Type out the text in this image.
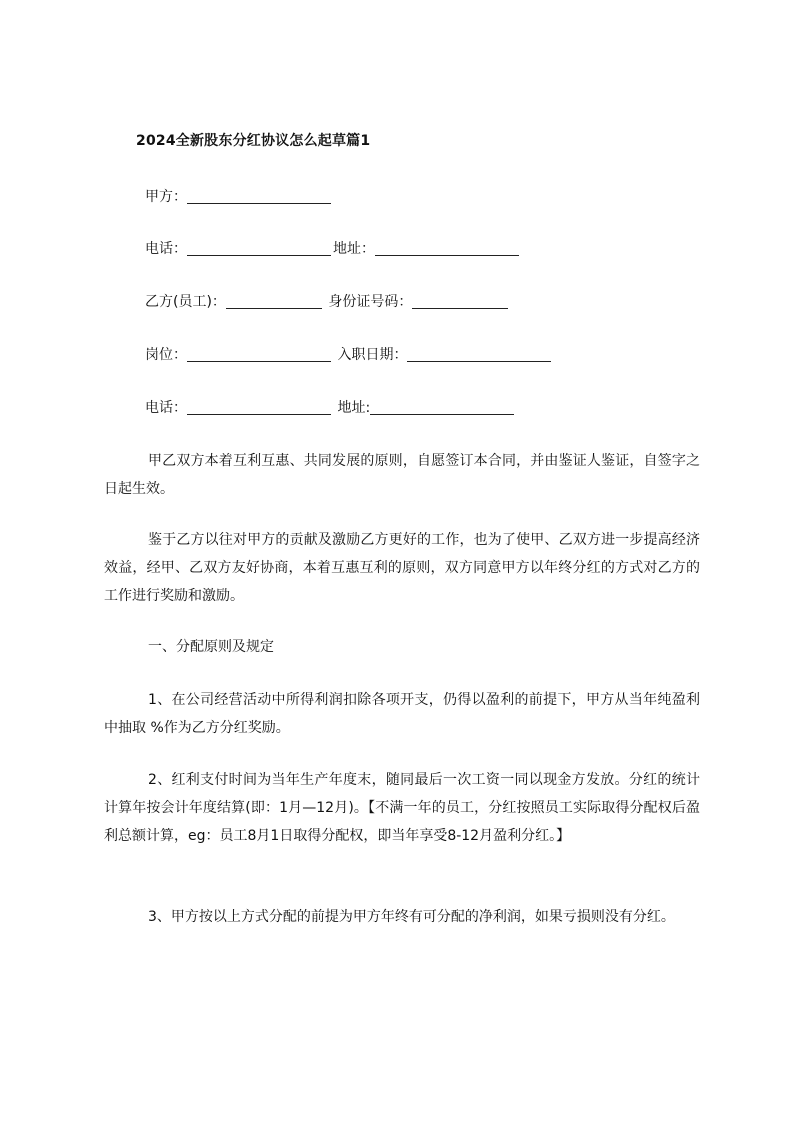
2024全新股东分红协议怎么起草篇1
甲方：
电话：	地址：
乙方(员工)：	身份证号码：
岗位：	入职日期：
电话：	地址:
甲乙双方本着互利互惠、共同发展的原则，自愿签订本合同，并由鉴证人鉴证，自签字之日起生效。
鉴于乙方以往对甲方的贡献及激励乙方更好的工作，也为了使甲、乙双方进一步提高经济效益，经甲、乙双方友好协商，本着互惠互利的原则，双方同意甲方以年终分红的方式对乙方的工作进行奖励和激励。
一、分配原则及规定
1、在公司经营活动中所得利润扣除各项开支，仍得以盈利的前提下，甲方从当年纯盈利中抽取 %作为乙方分红奖励。
2、红利支付时间为当年生产年度末，随同最后一次工资一同以现金方发放。分红的统计计算年按会计年度结算(即：1月—12月)。【不满一年的员工，分红按照员工实际取得分配权后盈利总额计算，eg：员工8月1日取得分配权，即当年享受8-12月盈利分红。】
3、甲方按以上方式分配的前提为甲方年终有可分配的净利润，如果亏损则没有分红。
